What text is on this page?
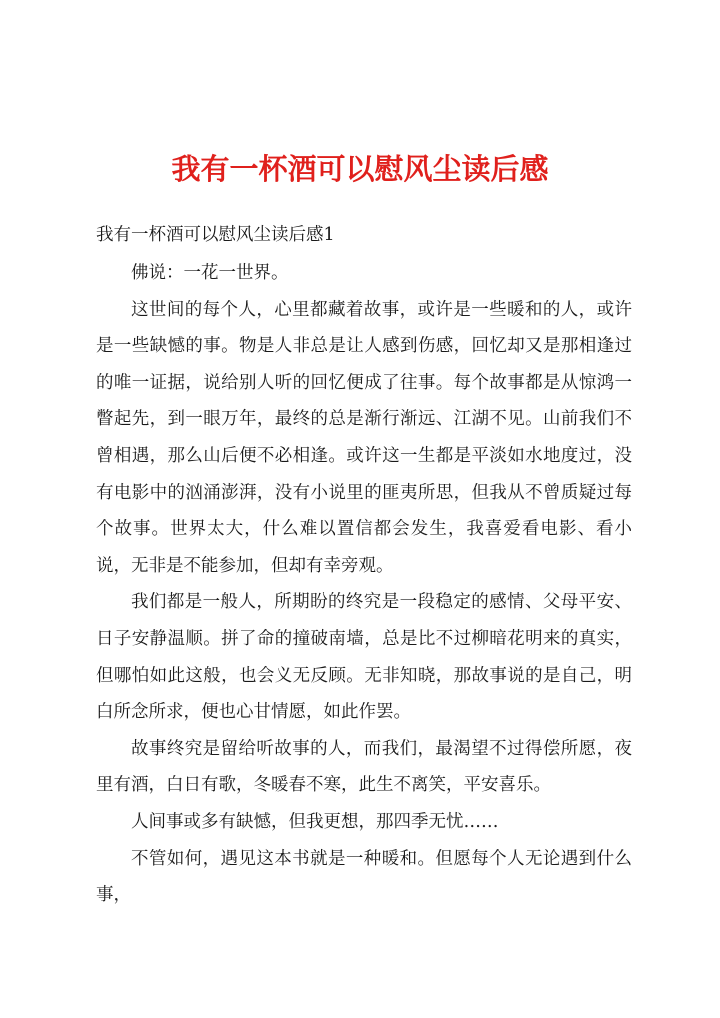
我有一杯酒可以慰风尘读后感

我有一杯酒可以慰风尘读后感1

佛说：一花一世界。

这世间的每个人，心里都藏着故事，或许是一些暖和的人，或许是一些缺憾的事。物是人非总是让人感到伤感，回忆却又是那相逢过的唯一证据，说给别人听的回忆便成了往事。每个故事都是从惊鸿一瞥起先，到一眼万年，最终的总是渐行渐远、江湖不见。山前我们不曾相遇，那么山后便不必相逢。或许这一生都是平淡如水地度过，没有电影中的汹涌澎湃，没有小说里的匪夷所思，但我从不曾质疑过每个故事。世界太大，什么难以置信都会发生，我喜爱看电影、看小说，无非是不能参加，但却有幸旁观。

我们都是一般人，所期盼的终究是一段稳定的感情、父母平安、日子安静温顺。拼了命的撞破南墙，总是比不过柳暗花明来的真实，但哪怕如此这般，也会义无反顾。无非知晓，那故事说的是自己，明白所念所求，便也心甘情愿，如此作罢。

故事终究是留给听故事的人，而我们，最渴望不过得偿所愿，夜里有酒，白日有歌，冬暖春不寒，此生不离笑，平安喜乐。

人间事或多有缺憾，但我更想，那四季无忧……

不管如何，遇见这本书就是一种暖和。但愿每个人无论遇到什么事，
